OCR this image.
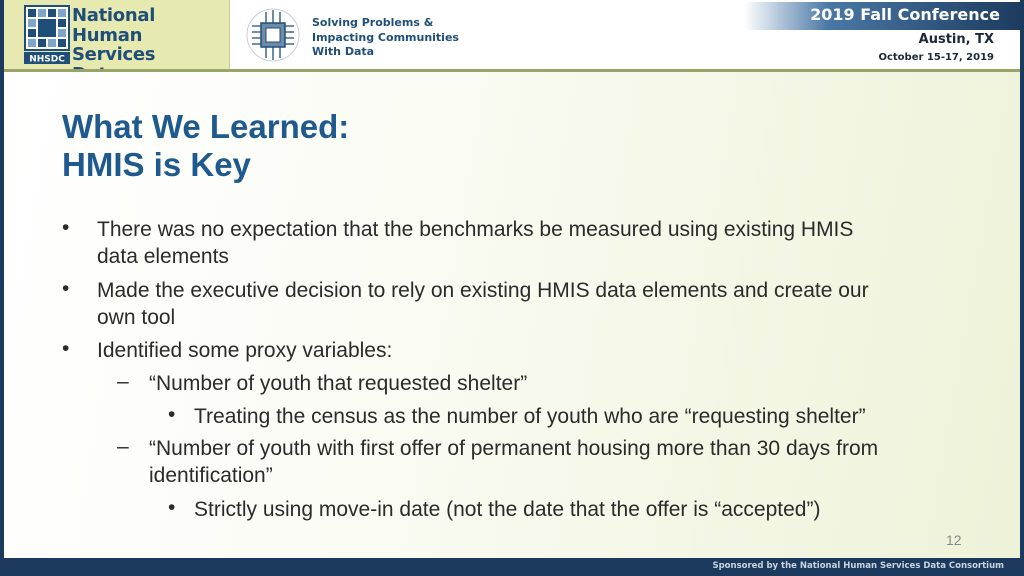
NHSDC
National
Human Services
Solving Problems &
Impacting Communities
With Data
2019 Fall Conference
Austin, TX
October 15-17, 2019
What We Learned:
HMIS is Key
• There was no expectation that the benchmarks be measured using existing HMIS
data elements
• Made the executive decision to rely on existing HMIS data elements and create our
own tool
• Identified some proxy variables:
– “Number of youth that requested shelter”
• Treating the census as the number of youth who are “requesting shelter”
– “Number of youth with first offer of permanent housing more than 30 days from
identification”
• Strictly using move-in date (not the date that the offer is “accepted”)
12
Sponsored by the National Human Services Data Consortium
